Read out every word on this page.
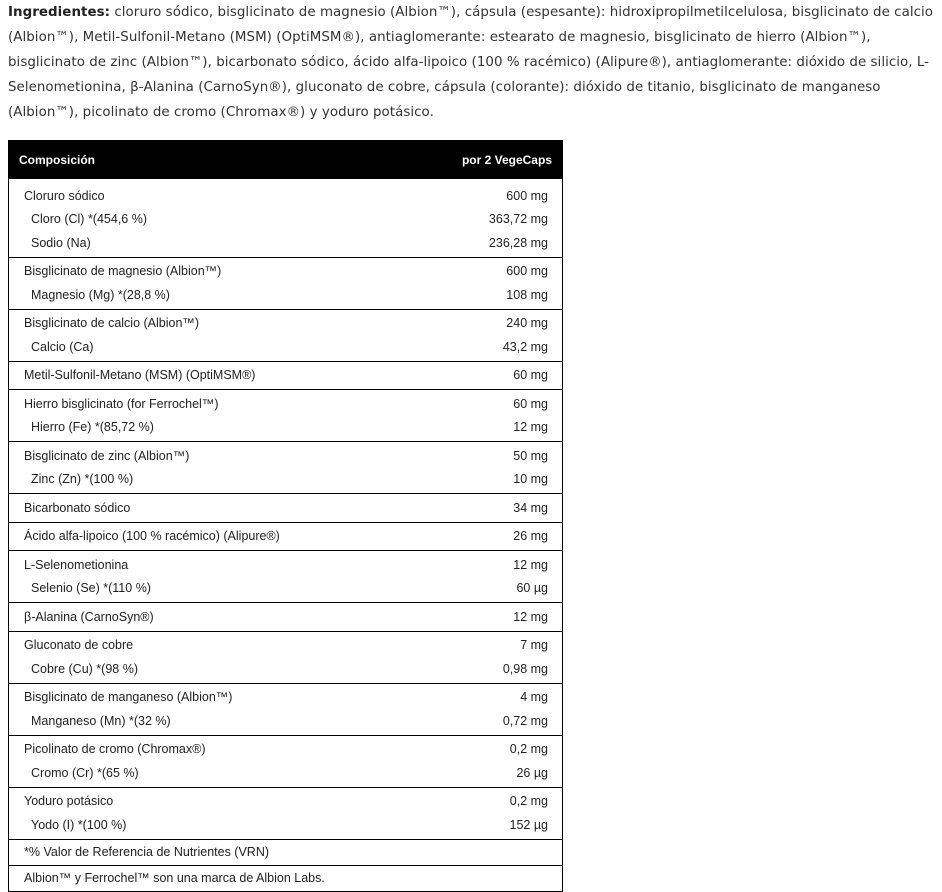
Ingredientes: cloruro sódico, bisglicinato de magnesio (Albion™), cápsula (espesante): hidroxipropilmetilcelulosa, bisglicinato de calcio (Albion™), Metil-Sulfonil-Metano (MSM) (OptiMSM®), antiaglomerante: estearato de magnesio, bisglicinato de hierro (Albion™), bisglicinato de zinc (Albion™), bicarbonato sódico, ácido alfa-lipoico (100 % racémico) (Alipure®), antiaglomerante: dióxido de silicio, L-Selenometionina, β-Alanina (CarnoSyn®), gluconato de cobre, cápsula (colorante): dióxido de titanio, bisglicinato de manganeso (Albion™), picolinato de cromo (Chromax®) y yoduro potásico.
Composición	por 2 VegeCaps
Cloruro sódico	600 mg
Cloro (Cl) *(454,6 %)	363,72 mg
Sodio (Na)	236,28 mg
Bisglicinato de magnesio (Albion™)	600 mg
Magnesio (Mg) *(28,8 %)	108 mg
Bisglicinato de calcio (Albion™)	240 mg
Calcio (Ca)	43,2 mg
Metil-Sulfonil-Metano (MSM) (OptiMSM®)	60 mg
Hierro bisglicinato (for Ferrochel™)	60 mg
Hierro (Fe) *(85,72 %)	12 mg
Bisglicinato de zinc (Albion™)	50 mg
Zinc (Zn) *(100 %)	10 mg
Bicarbonato sódico	34 mg
Ácido alfa-lipoico (100 % racémico) (Alipure®)	26 mg
L-Selenometionina	12 mg
Selenio (Se) *(110 %)	60 µg
β-Alanina (CarnoSyn®)	12 mg
Gluconato de cobre	7 mg
Cobre (Cu) *(98 %)	0,98 mg
Bisglicinato de manganeso (Albion™)	4 mg
Manganeso (Mn) *(32 %)	0,72 mg
Picolinato de cromo (Chromax®)	0,2 mg
Cromo (Cr) *(65 %)	26 µg
Yoduro potásico	0,2 mg
Yodo (I) *(100 %)	152 µg
*% Valor de Referencia de Nutrientes (VRN)
Albion™ y Ferrochel™ son una marca de Albion Labs.
